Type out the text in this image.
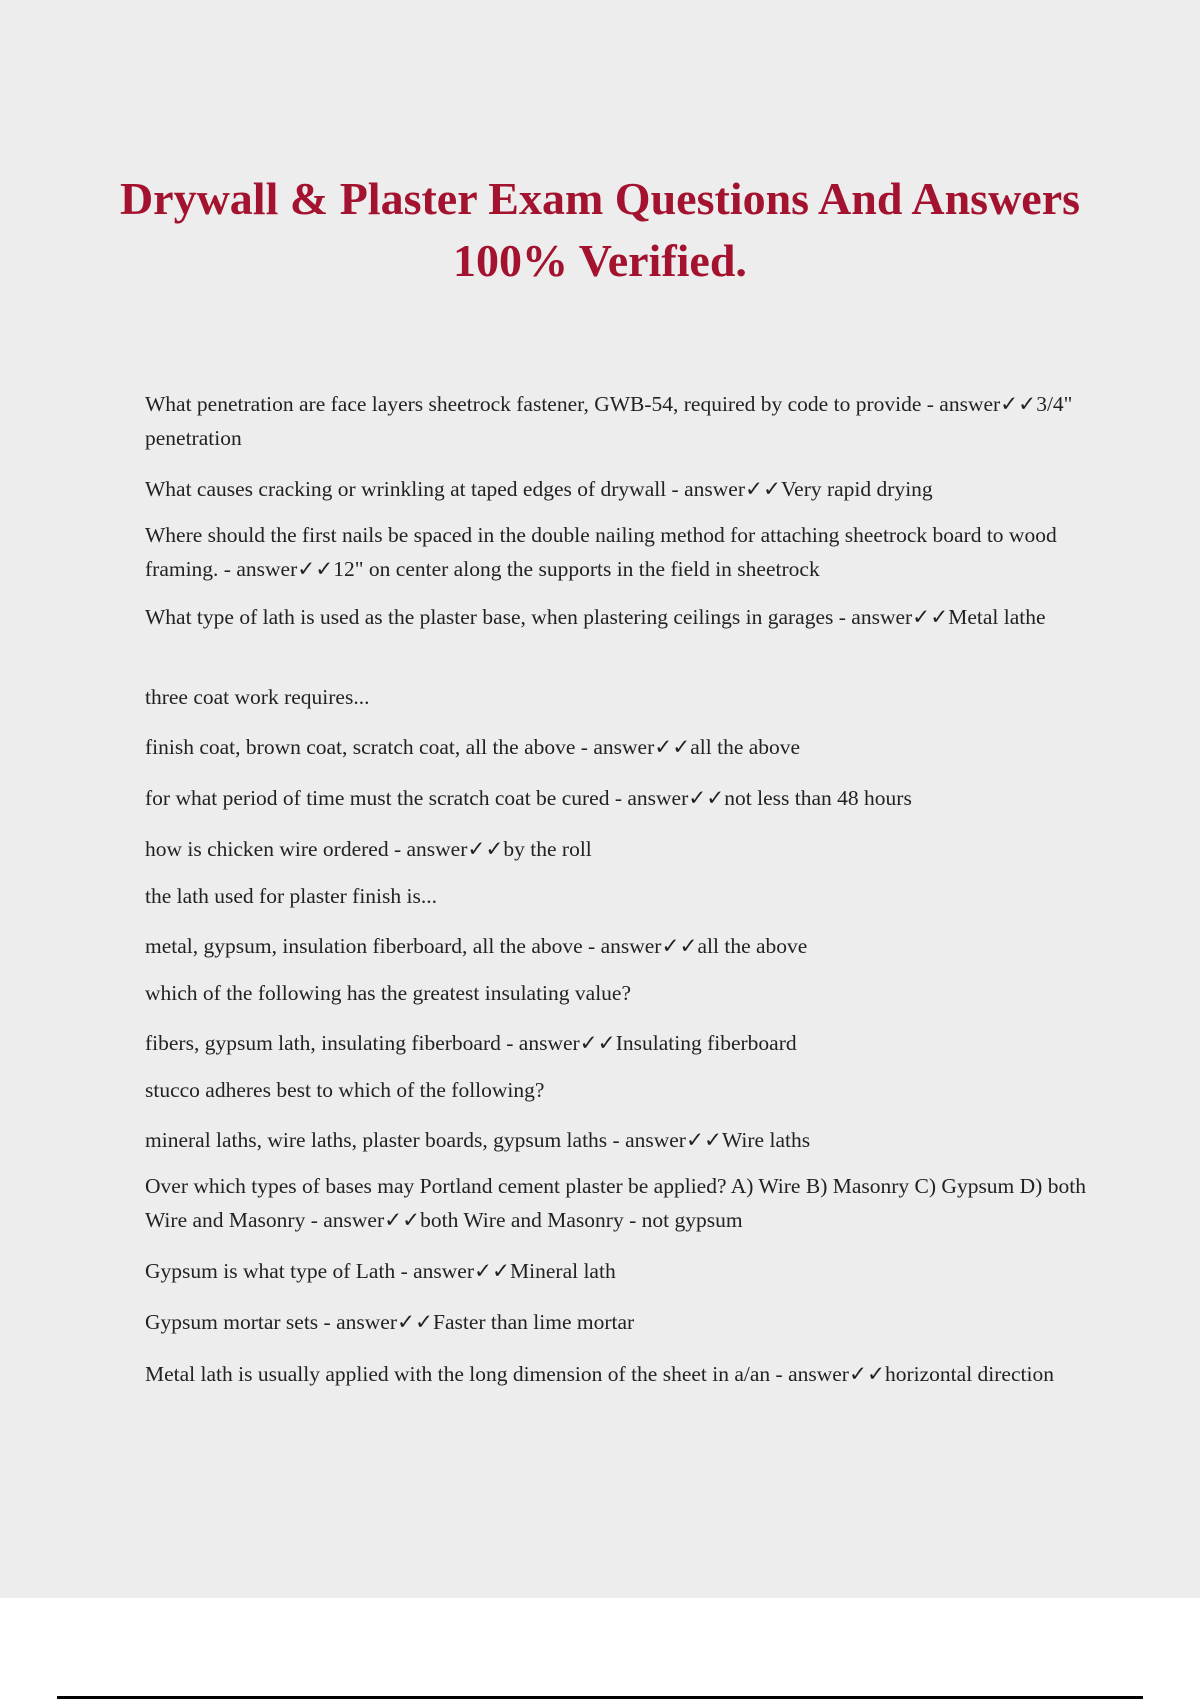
Drywall & Plaster Exam Questions And Answers 100% Verified.
What penetration are face layers sheetrock fastener, GWB-54, required by code to provide - answer✓✓3/4" penetration
What causes cracking or wrinkling at taped edges of drywall - answer✓✓Very rapid drying
Where should the first nails be spaced in the double nailing method for attaching sheetrock board to wood framing. - answer✓✓12" on center along the supports in the field in sheetrock
What type of lath is used as the plaster base, when plastering ceilings in garages - answer✓✓Metal lathe
three coat work requires...
finish coat, brown coat, scratch coat, all the above - answer✓✓all the above
for what period of time must the scratch coat be cured - answer✓✓not less than 48 hours
how is chicken wire ordered - answer✓✓by the roll
the lath used for plaster finish is...
metal, gypsum, insulation fiberboard, all the above - answer✓✓all the above
which of the following has the greatest insulating value?
fibers, gypsum lath, insulating fiberboard - answer✓✓Insulating fiberboard
stucco adheres best to which of the following?
mineral laths, wire laths, plaster boards, gypsum laths - answer✓✓Wire laths
Over which types of bases may Portland cement plaster be applied? A) Wire B) Masonry C) Gypsum D) both Wire and Masonry - answer✓✓both Wire and Masonry - not gypsum
Gypsum is what type of Lath - answer✓✓Mineral lath
Gypsum mortar sets - answer✓✓Faster than lime mortar
Metal lath is usually applied with the long dimension of the sheet in a/an - answer✓✓horizontal direction
